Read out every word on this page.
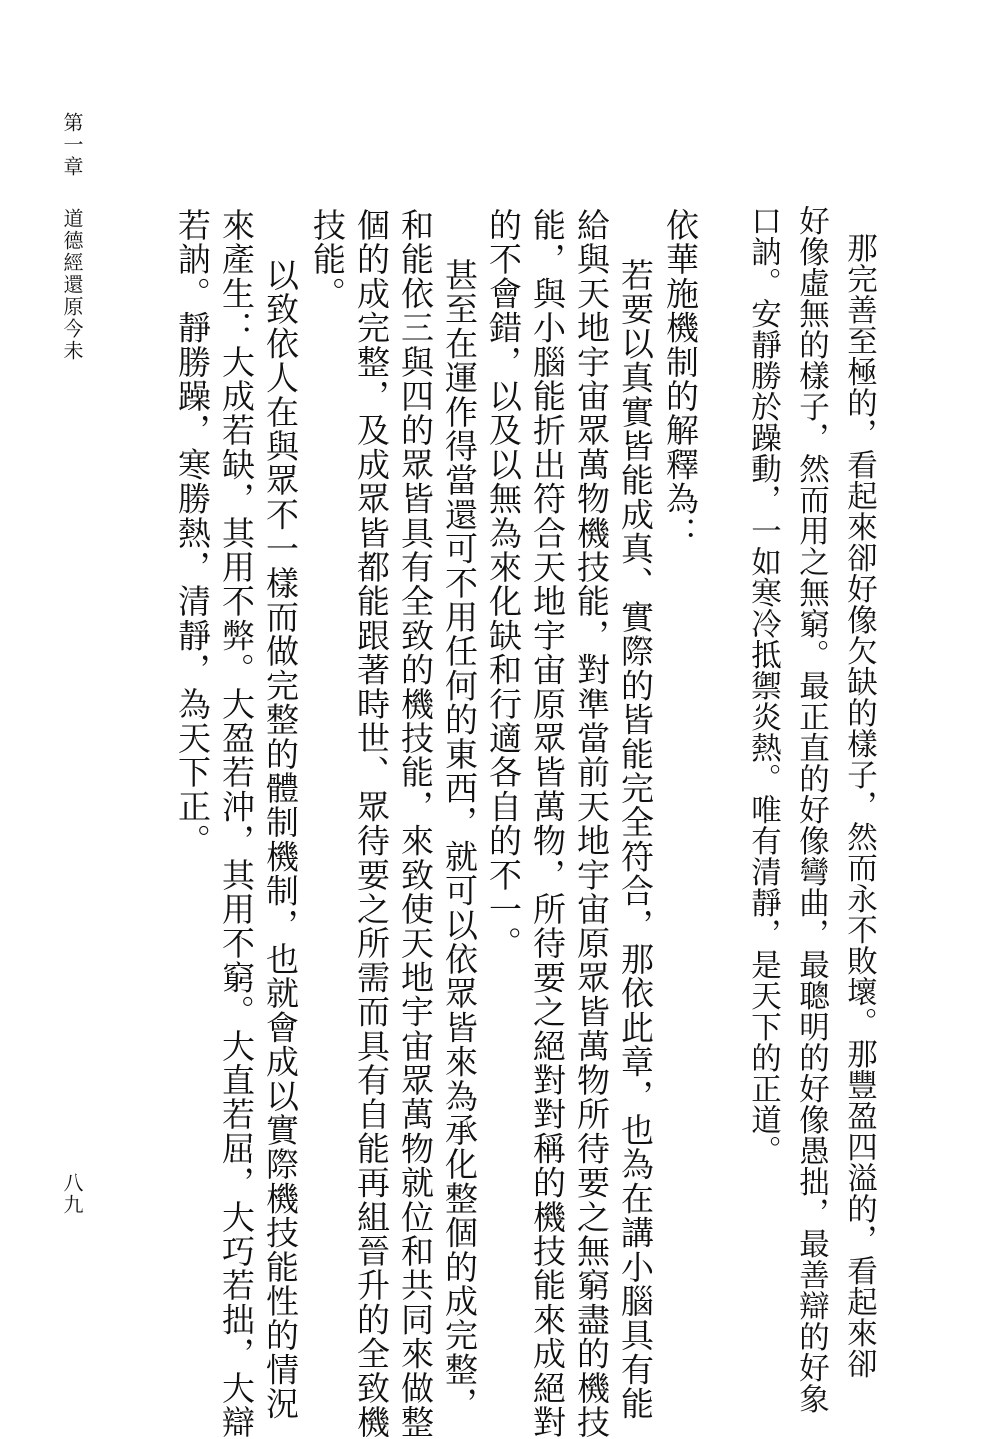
那完善至極的，看起來卻好像欠缺的樣子，然而永不敗壞。那豐盈四溢的，看起來卻
好像虛無的樣子，然而用之無窮。最正直的好像彎曲，最聰明的好像愚拙，最善辯的好象
口訥。安靜勝於躁動，一如寒冷抵禦炎熱。唯有清靜，是天下的正道。
依華施機制的解釋為：
若要以真實皆能成真、實際的皆能完全符合，那依此章，也為在講小腦具有能
給與天地宇宙眾萬物機技能，對準當前天地宇宙原眾皆萬物所待要之無窮盡的機技
能，與小腦能折出符合天地宇宙原眾皆萬物，所待要之絕對對稱的機技能來成絕對
的不會錯，以及以無為來化缺和行適各自的不一。
甚至在運作得當還可不用任何的東西，就可以依眾皆來為承化整個的成完整，
和能依三與四的眾皆具有全致的機技能，來致使天地宇宙眾萬物就位和共同來做整
個的成完整，及成眾皆都能跟著時世、眾待要之所需而具有自能再組晉升的全致機
技能。
以致依人在與眾不一樣而做完整的體制機制，也就會成以實際機技能性的情況
來產生：大成若缺，其用不弊。大盈若沖，其用不窮。大直若屈，大巧若拙，大辯
若訥。靜勝躁，寒勝熱，清靜，為天下正。
第一章
道德經還原今未
八九
